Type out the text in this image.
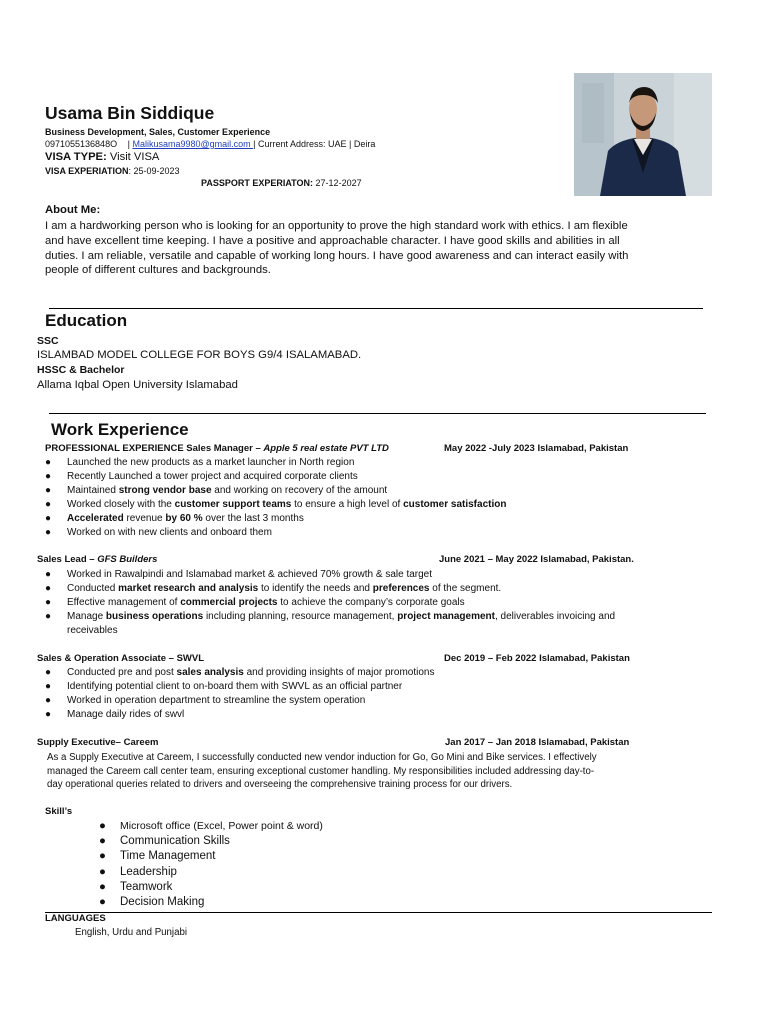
Usama Bin Siddique
Business Development, Sales, Customer Experience
0971055136848O | Malikusama9980@gmail.com | Current Address: UAE | Deira
VISA TYPE: Visit VISA
VISA EXPERIATION: 25-09-2023
PASSPORT EXPERIATON: 27-12-2027
About Me:
I am a hardworking person who is looking for an opportunity to prove the high standard work with ethics. I am flexible
and have excellent time keeping. I have a positive and approachable character. I have good skills and abilities in all
duties. I am reliable, versatile and capable of working long hours. I have good awareness and can interact easily with
people of different cultures and backgrounds.
Education
SSC
ISLAMBAD MODEL COLLEGE FOR BOYS G9/4 ISALAMABAD.
HSSC & Bachelor
Allama Iqbal Open University Islamabad
Work Experience
PROFESSIONAL EXPERIENCE Sales Manager – Apple 5 real estate PVT LTD	May 2022 -July 2023 Islamabad, Pakistan
● Launched the new products as a market launcher in North region
● Recently Launched a tower project and acquired corporate clients
● Maintained strong vendor base and working on recovery of the amount
● Worked closely with the customer support teams to ensure a high level of customer satisfaction
● Accelerated revenue by 60 % over the last 3 months
● Worked on with new clients and onboard them
Sales Lead – GFS Builders	June 2021 – May 2022 Islamabad, Pakistan.
● Worked in Rawalpindi and Islamabad market & achieved 70% growth & sale target
● Conducted market research and analysis to identify the needs and preferences of the segment.
● Effective management of commercial projects to achieve the company’s corporate goals
● Manage business operations including planning, resource management, project management, deliverables invoicing and
receivables
Sales & Operation Associate – SWVL	Dec 2019 – Feb 2022 Islamabad, Pakistan
● Conducted pre and post sales analysis and providing insights of major promotions
● Identifying potential client to on-board them with SWVL as an official partner
● Worked in operation department to streamline the system operation
● Manage daily rides of swvl
Supply Executive– Careem	Jan 2017 – Jan 2018 Islamabad, Pakistan
As a Supply Executive at Careem, I successfully conducted new vendor induction for Go, Go Mini and Bike services. I effectively
managed the Careem call center team, ensuring exceptional customer handling. My responsibilities included addressing day-to-
day operational queries related to drivers and overseeing the comprehensive training process for our drivers.
Skill’s
● Microsoft office (Excel, Power point & word)
● Communication Skills
● Time Management
● Leadership
● Teamwork
● Decision Making
LANGUAGES
English, Urdu and Punjabi
